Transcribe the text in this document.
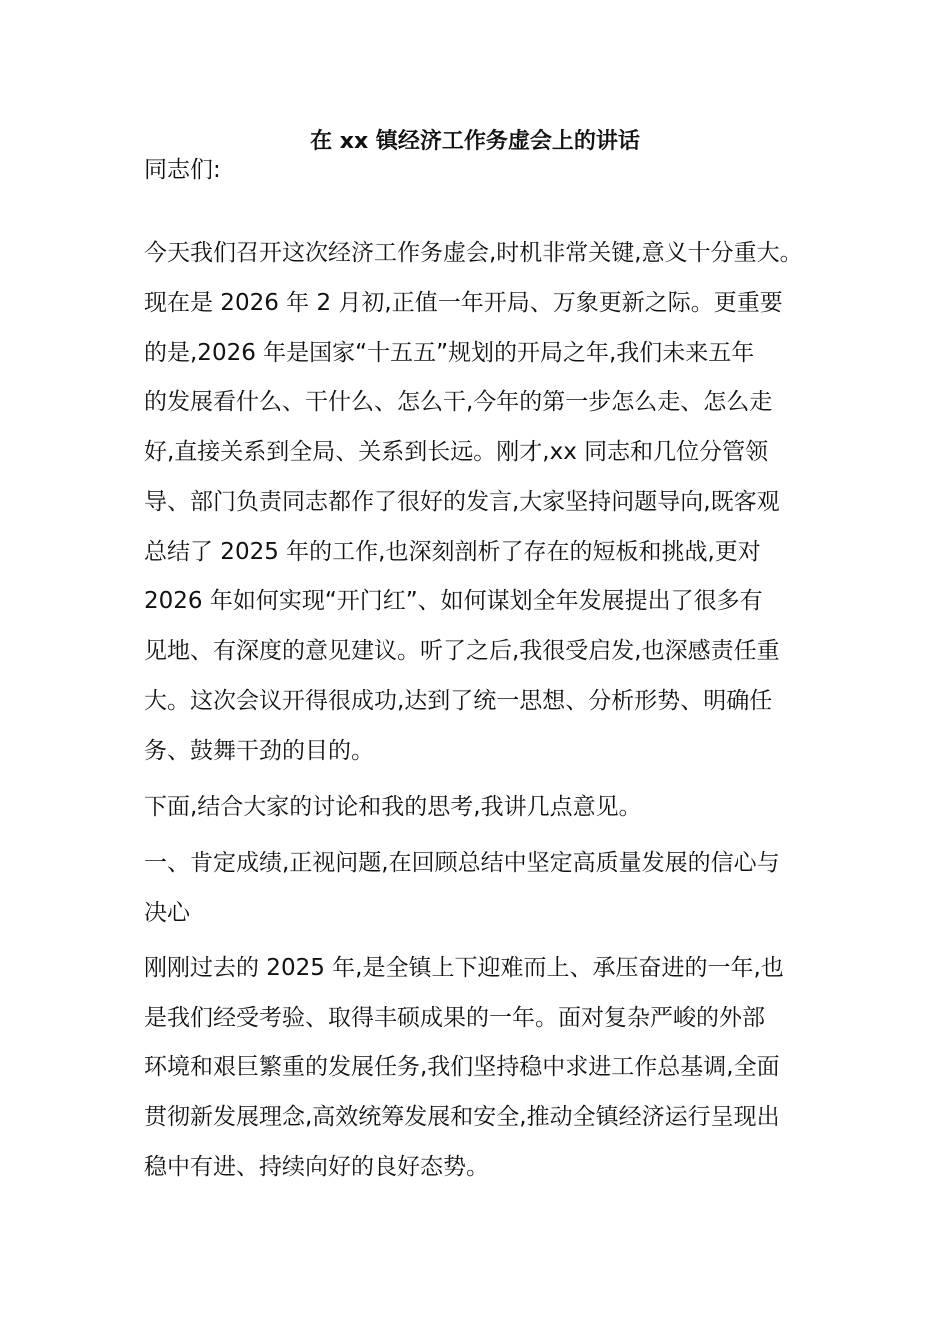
在 xx 镇经济工作务虚会上的讲话

同志们:

今天我们召开这次经济工作务虚会,时机非常关键,意义十分重大。

现在是 2026 年 2 月初,正值一年开局、万象更新之际。更重要

的是,2026 年是国家“十五五”规划的开局之年,我们未来五年

的发展看什么、干什么、怎么干,今年的第一步怎么走、怎么走

好,直接关系到全局、关系到长远。刚才,xx 同志和几位分管领

导、部门负责同志都作了很好的发言,大家坚持问题导向,既客观

总结了 2025 年的工作,也深刻剖析了存在的短板和挑战,更对

2026 年如何实现“开门红”、如何谋划全年发展提出了很多有

见地、有深度的意见建议。听了之后,我很受启发,也深感责任重

大。这次会议开得很成功,达到了统一思想、分析形势、明确任

务、鼓舞干劲的目的。

下面,结合大家的讨论和我的思考,我讲几点意见。

一、肯定成绩,正视问题,在回顾总结中坚定高质量发展的信心与

决心

刚刚过去的 2025 年,是全镇上下迎难而上、承压奋进的一年,也

是我们经受考验、取得丰硕成果的一年。面对复杂严峻的外部

环境和艰巨繁重的发展任务,我们坚持稳中求进工作总基调,全面

贯彻新发展理念,高效统筹发展和安全,推动全镇经济运行呈现出

稳中有进、持续向好的良好态势。
